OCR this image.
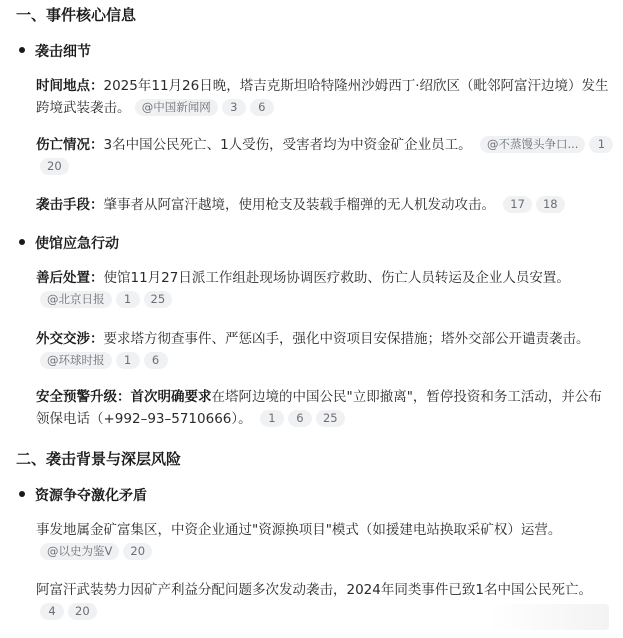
一、事件核心信息
袭击细节
时间地点：2025年11月26日晚，塔吉克斯坦哈特隆州沙姆西丁·绍欣区（毗邻阿富汗边境）发生跨境武装袭击。 @中国新闻网 3 6
伤亡情况：3名中国公民死亡、1人受伤，受害者均为中资金矿企业员工。 @不蒸馒头争口... 120
袭击手段：肇事者从阿富汗越境，使用枪支及装载手榴弹的无人机发动攻击。 17 18
使馆应急行动
善后处置：使馆11月27日派工作组赴现场协调医疗救助、伤亡人员转运及企业人员安置。 @北京日报 1 25
外交交涉：要求塔方彻查事件、严惩凶手，强化中资项目安保措施；塔外交部公开谴责袭击。 @环球时报 1 6
安全预警升级：首次明确要求在塔阿边境的中国公民"立即撤离"，暂停投资和务工活动，并公布领保电话（+992–93–5710666）。 1 6 25
二、袭击背景与深层风险
资源争夺激化矛盾
事发地属金矿富集区，中资企业通过"资源换项目"模式（如援建电站换取采矿权）运营。 @以史为鉴V 20
阿富汗武装势力因矿产利益分配问题多次发动袭击，2024年同类事件已致1名中国公民死亡。 4 20
